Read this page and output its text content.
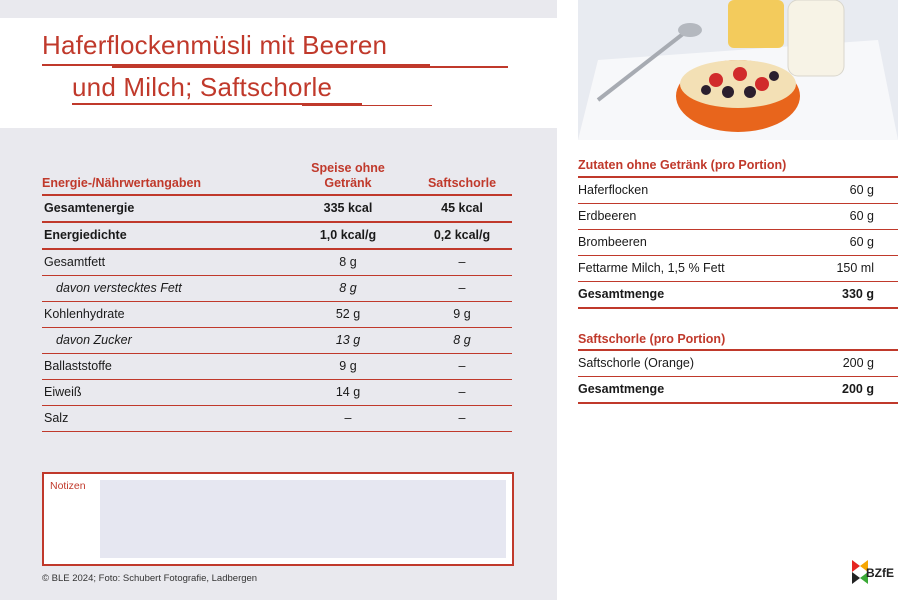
Haferflockenmüsli mit Beeren
und Milch; Saftschorle
Energie-/Nährwertangaben
Speise ohne Getränk	Saftschorle
Gesamtenergie	335 kcal	45 kcal
Energiedichte	1,0 kcal/g	0,2 kcal/g
Gesamtfett	8 g	–
davon verstecktes Fett	8 g	–
Kohlenhydrate	52 g	9 g
davon Zucker	13 g	8 g
Ballaststoffe	9 g	–
Eiweiß	14 g	–
Salz	–	–
Notizen
© BLE 2024; Foto: Schubert Fotografie, Ladbergen
Zutaten ohne Getränk (pro Portion)
Haferflocken	60 g
Erdbeeren	60 g
Brombeeren	60 g
Fettarme Milch, 1,5 % Fett	150 ml
Gesamtmenge	330 g
Saftschorle (pro Portion)
Saftschorle (Orange)	200 g
Gesamtmenge	200 g
BZfE
